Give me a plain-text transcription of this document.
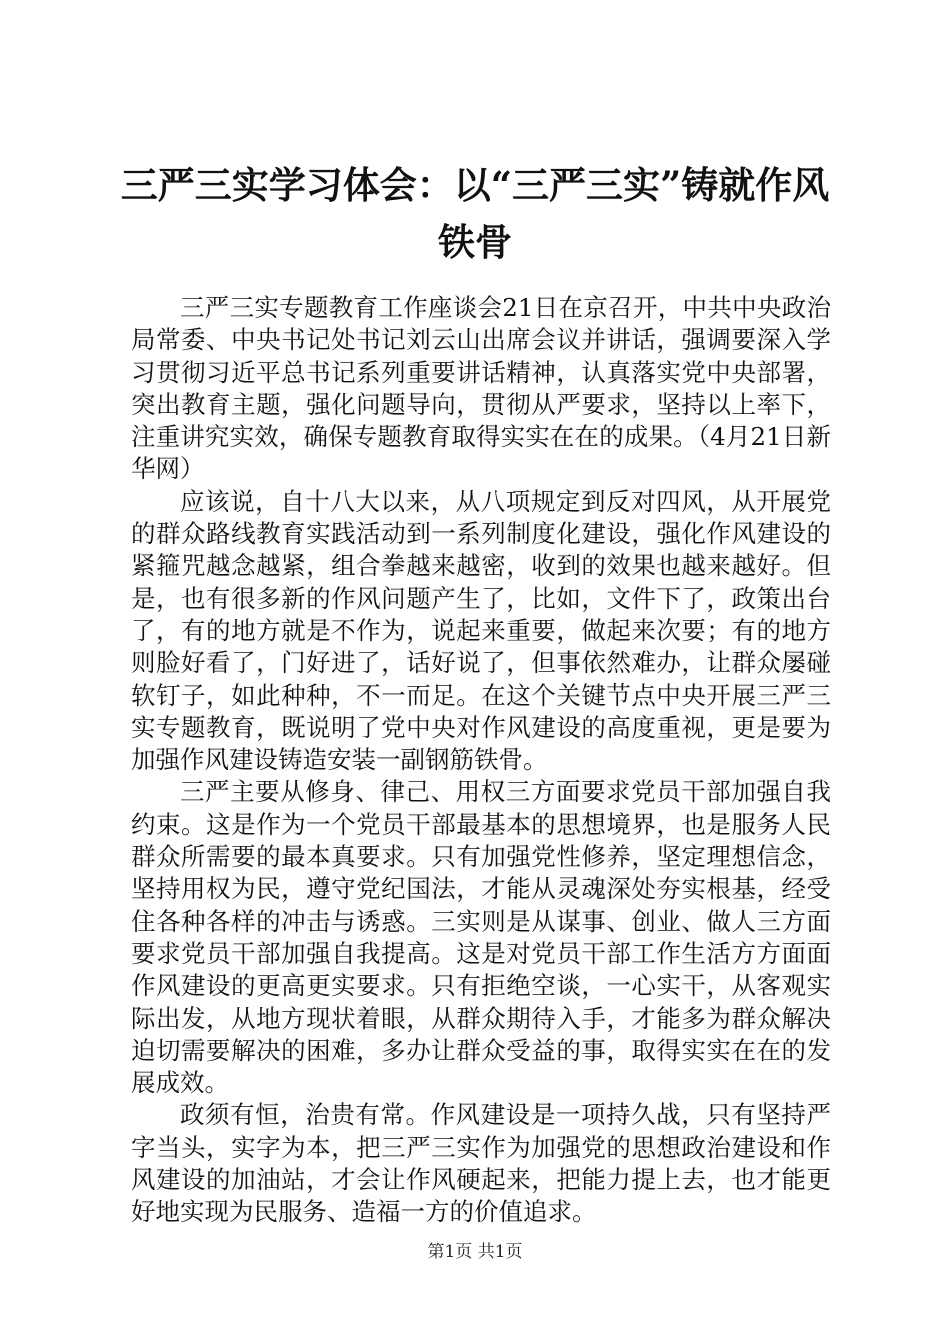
三严三实学习体会：以“三严三实”铸就作风
铁骨

三严三实专题教育工作座谈会21日在京召开，中共中央政治局常委、中央书记处书记刘云山出席会议并讲话，强调要深入学习贯彻习近平总书记系列重要讲话精神，认真落实党中央部署，突出教育主题，强化问题导向，贯彻从严要求，坚持以上率下，注重讲究实效，确保专题教育取得实实在在的成果。（4月21日新华网）

应该说，自十八大以来，从八项规定到反对四风，从开展党的群众路线教育实践活动到一系列制度化建设，强化作风建设的紧箍咒越念越紧，组合拳越来越密，收到的效果也越来越好。但是，也有很多新的作风问题产生了，比如，文件下了，政策出台了，有的地方就是不作为，说起来重要，做起来次要；有的地方则脸好看了，门好进了，话好说了，但事依然难办，让群众屡碰软钉子，如此种种，不一而足。在这个关键节点中央开展三严三实专题教育，既说明了党中央对作风建设的高度重视，更是要为加强作风建设铸造安装一副钢筋铁骨。

三严主要从修身、律己、用权三方面要求党员干部加强自我约束。这是作为一个党员干部最基本的思想境界，也是服务人民群众所需要的最本真要求。只有加强党性修养，坚定理想信念，坚持用权为民，遵守党纪国法，才能从灵魂深处夯实根基，经受住各种各样的冲击与诱惑。三实则是从谋事、创业、做人三方面要求党员干部加强自我提高。这是对党员干部工作生活方方面面作风建设的更高更实要求。只有拒绝空谈，一心实干，从客观实际出发，从地方现状着眼，从群众期待入手，才能多为群众解决迫切需要解决的困难，多办让群众受益的事，取得实实在在的发展成效。

政须有恒，治贵有常。作风建设是一项持久战，只有坚持严字当头，实字为本，把三严三实作为加强党的思想政治建设和作风建设的加油站，才会让作风硬起来，把能力提上去，也才能更好地实现为民服务、造福一方的价值追求。

第1页 共1页
